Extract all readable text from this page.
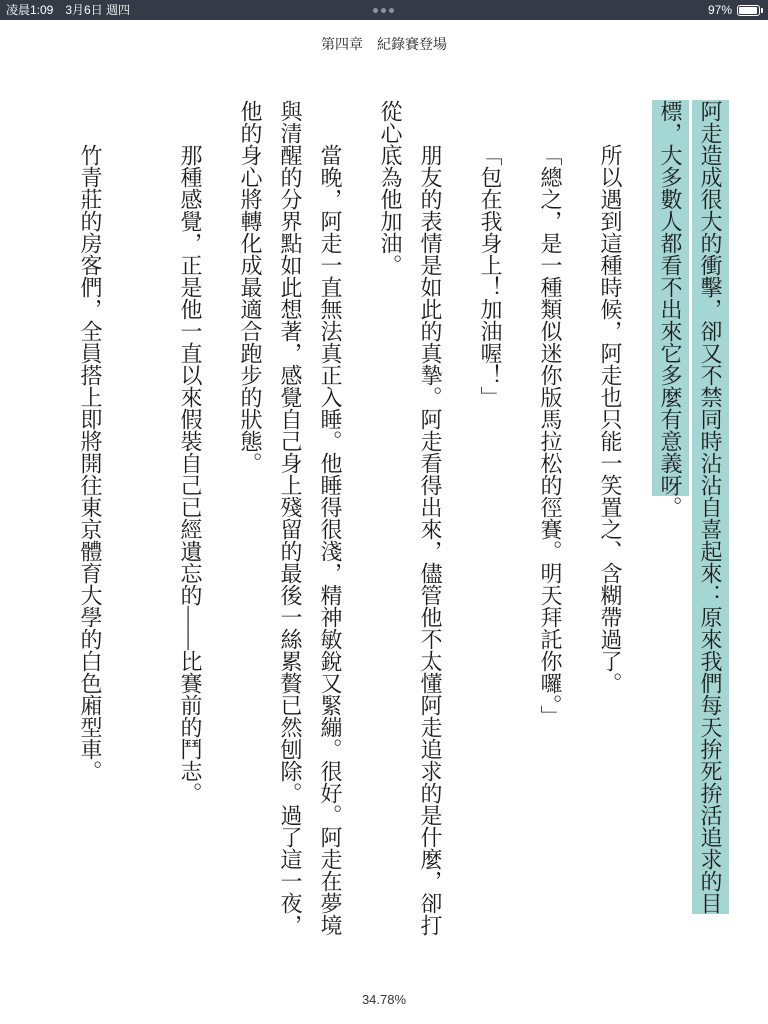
凌晨1:09 3月6日 週四	97%
第四章　紀錄賽登場

阿走造成很大的衝擊，卻又不禁同時沾沾自喜起來：原來我們每天拚死拚活追求的目
標，大多數人都看不出來它多麼有意義呀。

所以遇到這種時候，阿走也只能一笑置之、含糊帶過了。

「總之，是一種類似迷你版馬拉松的徑賽。明天拜託你囉。」

「包在我身上！加油喔！」

朋友的表情是如此的真摯。阿走看得出來，儘管他不太懂阿走追求的是什麼，卻打
從心底為他加油。

當晚，阿走一直無法真正入睡。他睡得很淺，精神敏銳又緊繃。很好。阿走在夢境
與清醒的分界點如此想著，感覺自己身上殘留的最後一絲累贅已然刨除。過了這一夜，
他的身心將轉化成最適合跑步的狀態。

那種感覺，正是他一直以來假裝自己已經遺忘的——比賽前的鬥志。

竹青莊的房客們，全員搭上即將開往東京體育大學的白色廂型車。

34.78%
